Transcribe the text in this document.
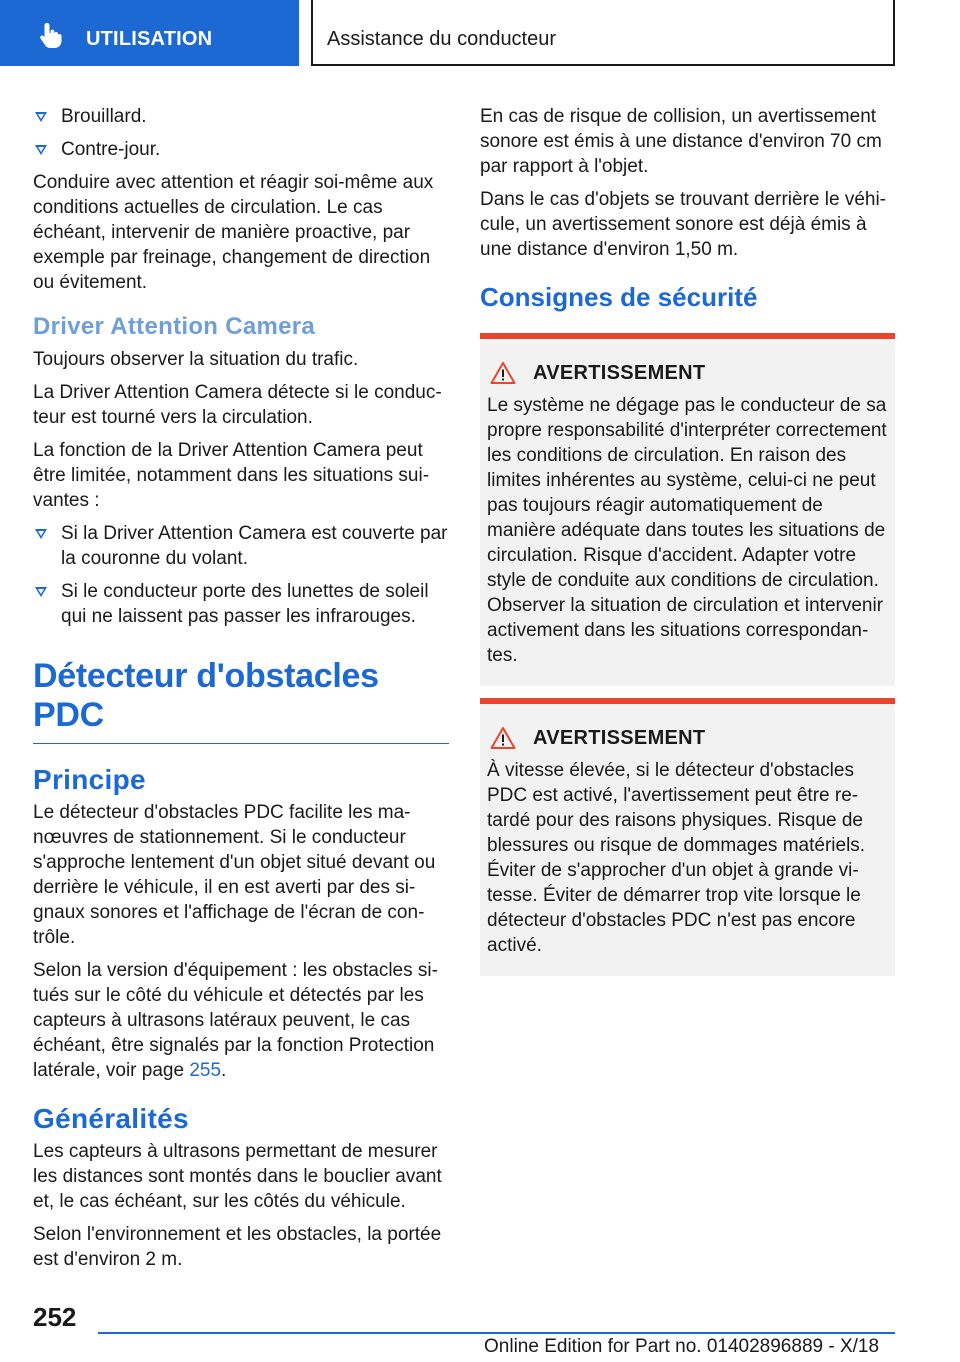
UTILISATION	Assistance du conducteur
Brouillard.
Contre-jour.

Conduire avec attention et réagir soi-même aux conditions actuelles de circulation. Le cas échéant, intervenir de manière proactive, par exemple par freinage, changement de direction ou évitement.

Driver Attention Camera

Toujours observer la situation du trafic.

La Driver Attention Camera détecte si le conducteur est tourné vers la circulation.

La fonction de la Driver Attention Camera peut être limitée, notamment dans les situations suivantes :

Si la Driver Attention Camera est couverte par la couronne du volant.
Si le conducteur porte des lunettes de soleil qui ne laissent pas passer les infrarouges.
Détecteur d'obstacles PDC
Principe

Le détecteur d'obstacles PDC facilite les manœuvres de stationnement. Si le conducteur s'approche lentement d'un objet situé devant ou derrière le véhicule, il en est averti par des signaux sonores et l'affichage de l'écran de contrôle.

Selon la version d'équipement : les obstacles situés sur le côté du véhicule et détectés par les capteurs à ultrasons latéraux peuvent, le cas échéant, être signalés par la fonction Protection latérale, voir page 255.

Généralités

Les capteurs à ultrasons permettant de mesurer les distances sont montés dans le bouclier avant et, le cas échéant, sur les côtés du véhicule.

Selon l'environnement et les obstacles, la portée est d'environ 2 m.

En cas de risque de collision, un avertissement sonore est émis à une distance d'environ 70 cm par rapport à l'objet.

Dans le cas d'objets se trouvant derrière le véhicule, un avertissement sonore est déjà émis à une distance d'environ 1,50 m.

Consignes de sécurité
AVERTISSEMENT

Le système ne dégage pas le conducteur de sa propre responsabilité d'interpréter correctement les conditions de circulation. En raison des limites inhérentes au système, celui-ci ne peut pas toujours réagir automatiquement de manière adéquate dans toutes les situations de circulation. Risque d'accident. Adapter votre style de conduite aux conditions de circulation. Observer la situation de circulation et intervenir activement dans les situations correspondantes.

AVERTISSEMENT

À vitesse élevée, si le détecteur d'obstacles PDC est activé, l'avertissement peut être retardé pour des raisons physiques. Risque de blessures ou risque de dommages matériels. Éviter de s'approcher d'un objet à grande vitesse. Éviter de démarrer trop vite lorsque le détecteur d'obstacles PDC n'est pas encore activé.

252
Online Edition for Part no. 01402896889 - X/18
